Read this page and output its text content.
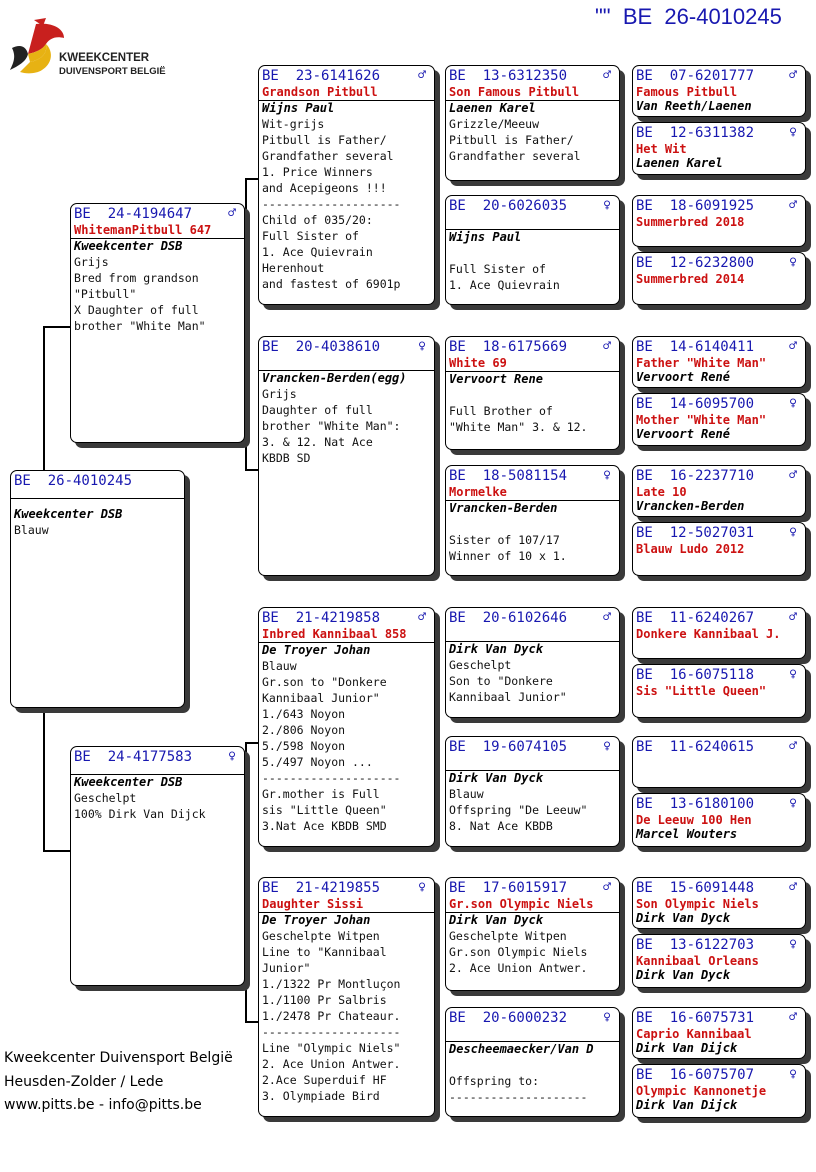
""  BE  26-4010245
KWEEKCENTER
DUIVENSPORT BELGIË
BE  26-4010245
Kweekcenter DSB
Blauw
BE  24-4194647	♂
WhitemanPitbull 647
Kweekcenter DSB
Grijs
Bred from grandson
"Pitbull"
X Daughter of full
brother "White Man"
BE  24-4177583	♀
Kweekcenter DSB
Geschelpt
100% Dirk Van Dijck
BE  23-6141626	♂
Grandson Pitbull
Wijns Paul
Wit-grijs
Pitbull is Father/
Grandfather several
1. Price Winners
and Acepigeons !!!
--------------------
Child of 035/20:
Full Sister of
1. Ace Quievrain
Herenhout
and fastest of 6901p
BE  20-4038610	♀
Vrancken-Berden(egg)
Grijs
Daughter of full
brother "White Man":
3. & 12. Nat Ace
KBDB SD
BE  21-4219858	♂
Inbred Kannibaal 858
De Troyer Johan
Blauw
Gr.son to "Donkere
Kannibaal Junior"
1./643 Noyon
2./806 Noyon
5./598 Noyon
5./497 Noyon ...
--------------------
Gr.mother is Full
sis "Little Queen"
3.Nat Ace KBDB SMD
BE  21-4219855	♀
Daughter Sissi
De Troyer Johan
Geschelpte Witpen
Line to "Kannibaal
Junior"
1./1322 Pr Montluçon
1./1100 Pr Salbris
1./2478 Pr Chateaur.
--------------------
Line "Olympic Niels"
2. Ace Union Antwer.
2.Ace Superduif HF
3. Olympiade Bird
BE  13-6312350	♂
Son Famous Pitbull
Laenen Karel
Grizzle/Meeuw
Pitbull is Father/
Grandfather several
BE  20-6026035	♀
Wijns Paul
Full Sister of
1. Ace Quievrain
BE  18-6175669	♂
White 69
Vervoort Rene
Full Brother of
"White Man" 3. & 12.
BE  18-5081154	♀
Mormelke
Vrancken-Berden
Sister of 107/17
Winner of 10 x 1.
BE  20-6102646	♂
Dirk Van Dyck
Geschelpt
Son to "Donkere
Kannibaal Junior"
BE  19-6074105	♀
Dirk Van Dyck
Blauw
Offspring "De Leeuw"
8. Nat Ace KBDB
BE  17-6015917	♂
Gr.son Olympic Niels
Dirk Van Dyck
Geschelpte Witpen
Gr.son Olympic Niels
2. Ace Union Antwer.
BE  20-6000232	♀
Descheemaecker/Van D
Offspring to:
--------------------
BE  07-6201777	♂
Famous Pitbull
Van Reeth/Laenen
BE  12-6311382	♀
Het Wit
Laenen Karel
BE  18-6091925	♂
Summerbred 2018
BE  12-6232800	♀
Summerbred 2014
BE  14-6140411	♂
Father "White Man"
Vervoort René
BE  14-6095700	♀
Mother "White Man"
Vervoort René
BE  16-2237710	♂
Late 10
Vrancken-Berden
BE  12-5027031	♀
Blauw Ludo 2012
BE  11-6240267	♂
Donkere Kannibaal J.
BE  16-6075118	♀
Sis "Little Queen"
BE  11-6240615	♂
BE  13-6180100	♀
De Leeuw 100 Hen
Marcel Wouters
BE  15-6091448	♂
Son Olympic Niels
Dirk Van Dyck
BE  13-6122703	♀
Kannibaal Orleans
Dirk Van Dyck
BE  16-6075731	♂
Caprio Kannibaal
Dirk Van Dijck
BE  16-6075707	♀
Olympic Kannonetje
Dirk Van Dijck
Kweekcenter Duivensport België
Heusden-Zolder / Lede
www.pitts.be - info@pitts.be
